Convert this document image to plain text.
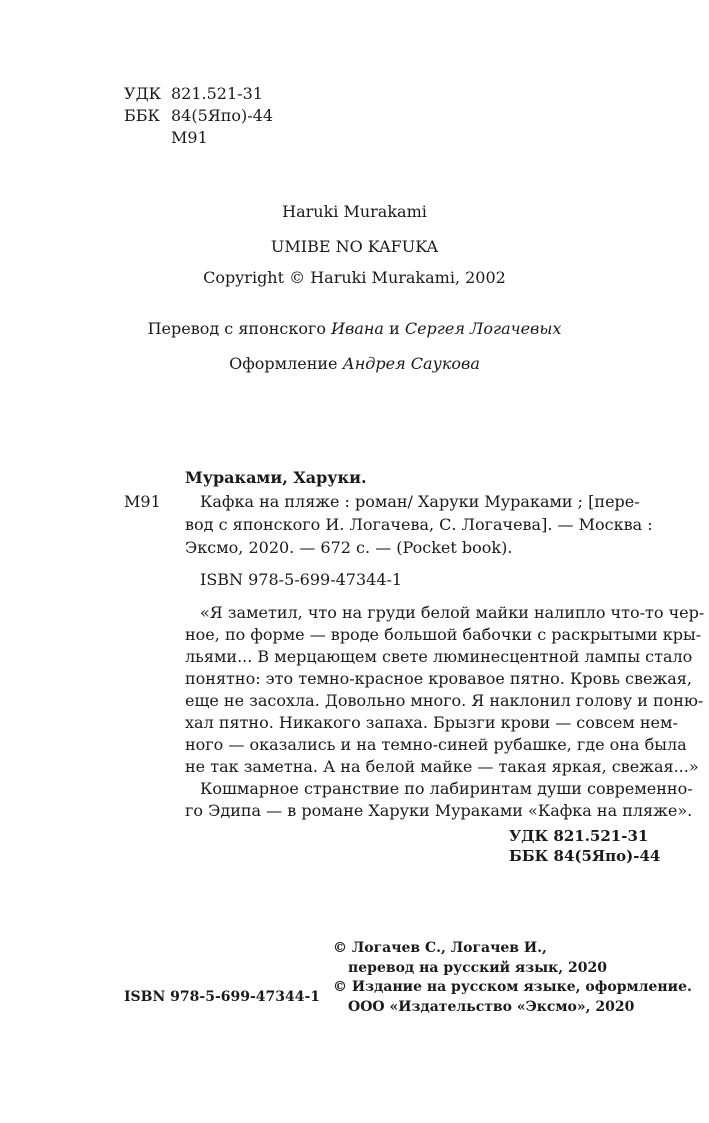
УДК 821.521-31
ББК 84(5Япо)-44
М91
Haruki Murakami
UMIBE NO KAFUKA
Copyright © Haruki Murakami, 2002
Перевод с японского Ивана и Сергея Логачевых
Оформление Андрея Саукова
Мураками, Харуки.
М91 Кафка на пляже : роман/ Харуки Мураками ; [пере-
вод с японского И. Логачева, С. Логачева]. — Москва :
Эксмо, 2020. — 672 с. — (Pocket book).
ISBN 978-5-699-47344-1
«Я заметил, что на груди белой майки налипло что-то чер-
ное, по форме — вроде большой бабочки с раскрытыми кры-
льями... В мерцающем свете люминесцентной лампы стало
понятно: это темно-красное кровавое пятно. Кровь свежая,
еще не засохла. Довольно много. Я наклонил голову и поню-
хал пятно. Никакого запаха. Брызги крови — совсем нем-
ного — оказались и на темно-синей рубашке, где она была
не так заметна. А на белой майке — такая яркая, свежая...»
Кошмарное странствие по лабиринтам души современно-
го Эдипа — в романе Харуки Мураками «Кафка на пляже».
УДК 821.521-31
ББК 84(5Япо)-44
ISBN 978-5-699-47344-1
© Логачев С., Логачев И.,
перевод на русский язык, 2020
© Издание на русском языке, оформление.
ООО «Издательство «Эксмо», 2020
